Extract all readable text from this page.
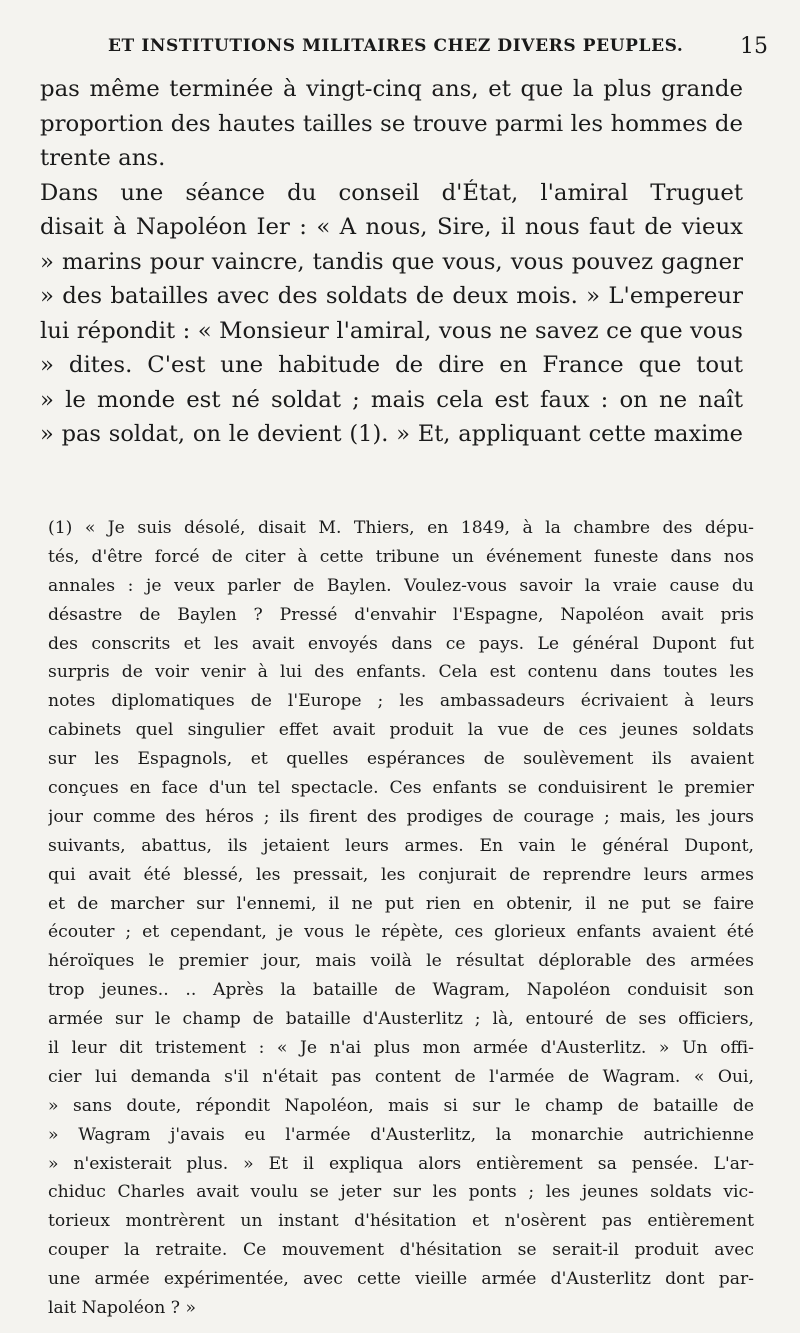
ET INSTITUTIONS MILITAIRES CHEZ DIVERS PEUPLES.	15
pas même terminée à vingt-cinq ans, et que la plus grande
proportion des hautes tailles se trouve parmi les hommes de
trente ans.
Dans une séance du conseil d'État, l'amiral Truguet
disait à Napoléon Ier : « A nous, Sire, il nous faut de vieux
» marins pour vaincre, tandis que vous, vous pouvez gagner
» des batailles avec des soldats de deux mois. » L'empereur
lui répondit : « Monsieur l'amiral, vous ne savez ce que vous
» dites. C'est une habitude de dire en France que tout
» le monde est né soldat ; mais cela est faux : on ne naît
» pas soldat, on le devient (1). » Et, appliquant cette maxime
(1) « Je suis désolé, disait M. Thiers, en 1849, à la chambre des dépu-
tés, d'être forcé de citer à cette tribune un événement funeste dans nos
annales : je veux parler de Baylen. Voulez-vous savoir la vraie cause du
désastre de Baylen ? Pressé d'envahir l'Espagne, Napoléon avait pris
des conscrits et les avait envoyés dans ce pays. Le général Dupont fut
surpris de voir venir à lui des enfants. Cela est contenu dans toutes les
notes diplomatiques de l'Europe ; les ambassadeurs écrivaient à leurs
cabinets quel singulier effet avait produit la vue de ces jeunes soldats
sur les Espagnols, et quelles espérances de soulèvement ils avaient
conçues en face d'un tel spectacle. Ces enfants se conduisirent le premier
jour comme des héros ; ils firent des prodiges de courage ; mais, les jours
suivants, abattus, ils jetaient leurs armes. En vain le général Dupont,
qui avait été blessé, les pressait, les conjurait de reprendre leurs armes
et de marcher sur l'ennemi, il ne put rien en obtenir, il ne put se faire
écouter ; et cependant, je vous le répète, ces glorieux enfants avaient été
héroïques le premier jour, mais voilà le résultat déplorable des armées
trop jeunes.. .. Après la bataille de Wagram, Napoléon conduisit son
armée sur le champ de bataille d'Austerlitz ; là, entouré de ses officiers,
il leur dit tristement : « Je n'ai plus mon armée d'Austerlitz. » Un offi-
cier lui demanda s'il n'était pas content de l'armée de Wagram. « Oui,
» sans doute, répondit Napoléon, mais si sur le champ de bataille de
» Wagram j'avais eu l'armée d'Austerlitz, la monarchie autrichienne
» n'existerait plus. » Et il expliqua alors entièrement sa pensée. L'ar-
chiduc Charles avait voulu se jeter sur les ponts ; les jeunes soldats vic-
torieux montrèrent un instant d'hésitation et n'osèrent pas entièrement
couper la retraite. Ce mouvement d'hésitation se serait-il produit avec
une armée expérimentée, avec cette vieille armée d'Austerlitz dont par-
lait Napoléon ? »
